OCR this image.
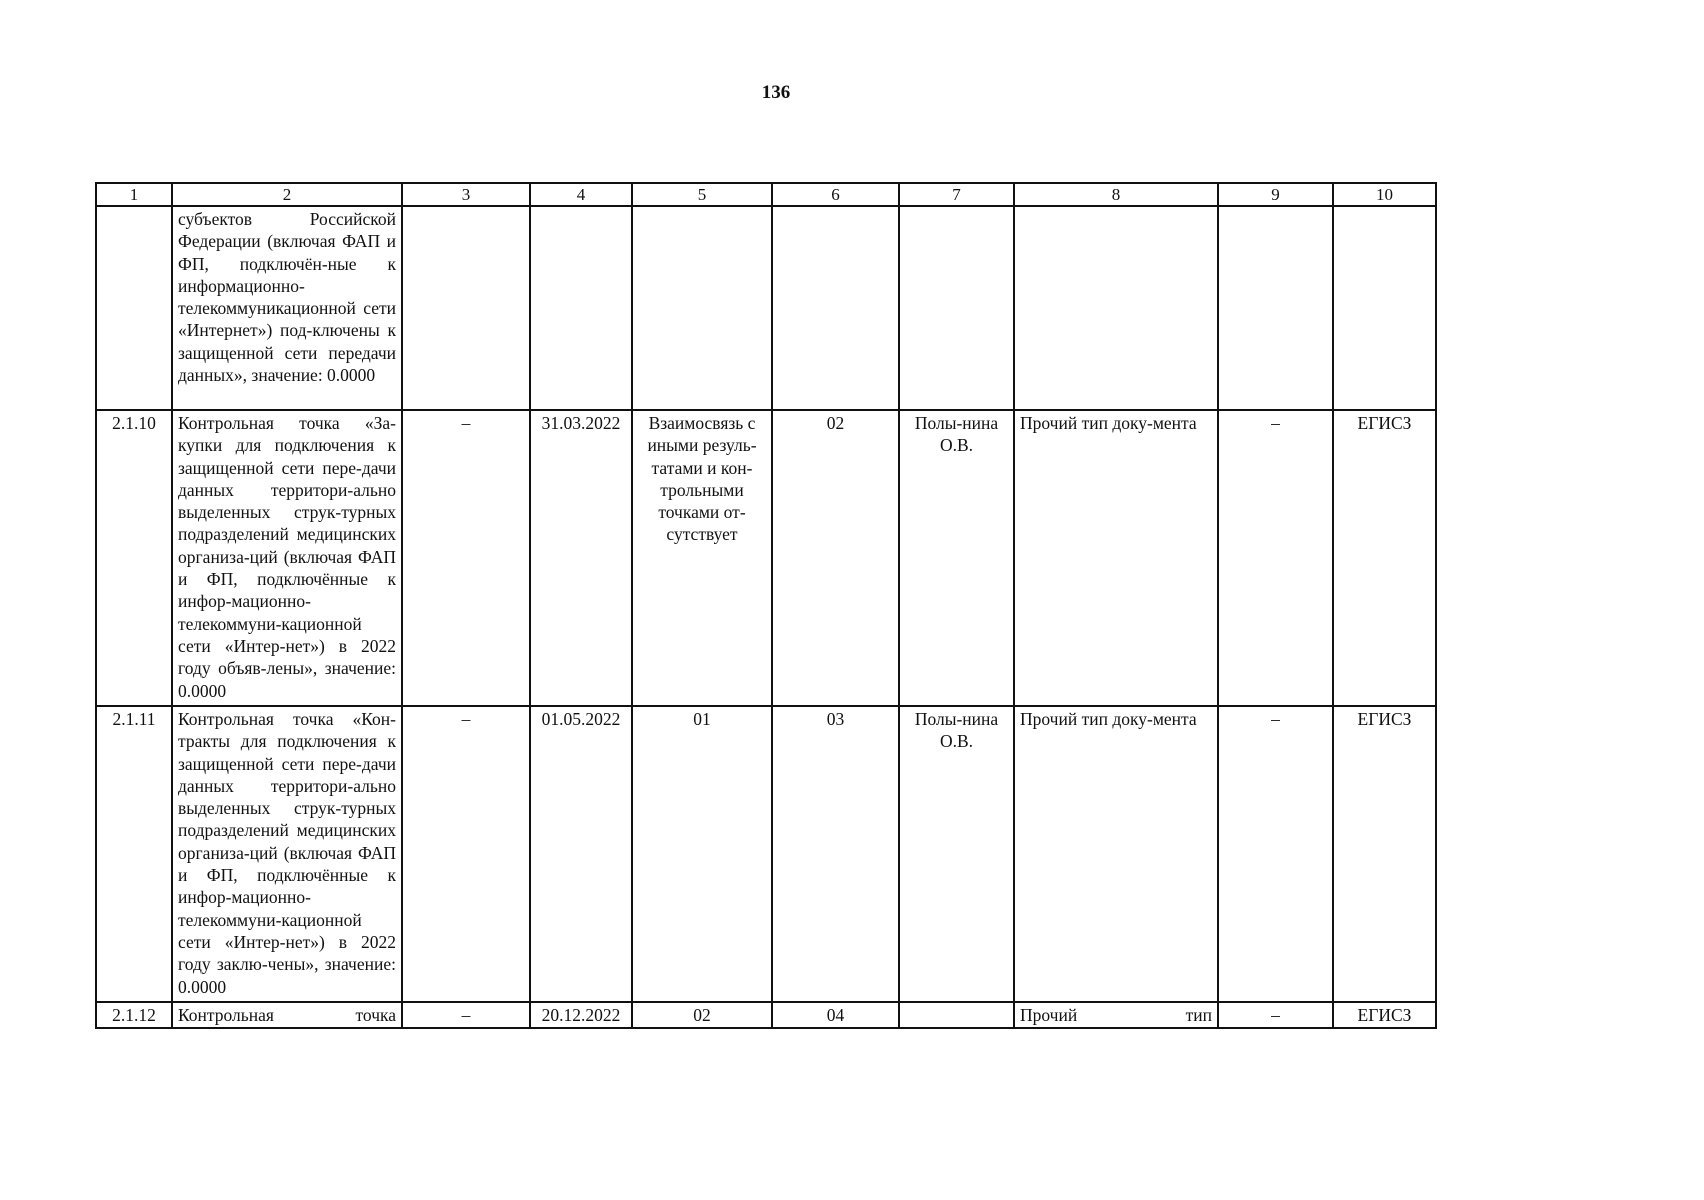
136
1	2	3	4	5	6	7	8	9	10
	субъектов Российской Федерации (включая ФАП и ФП, подключён-ные к информационно-телекоммуникационной сети «Интернет») под-ключены к защищенной сети передачи данных», значение: 0.0000								
2.1.10	Контрольная точка «За-купки для подключения к защищенной сети пере-дачи данных территори-ально выделенных струк-турных подразделений медицинских организа-ций (включая ФАП и ФП, подключённые к инфор-мационно-телекоммуни-кационной сети «Интер-нет») в 2022 году объяв-лены», значение: 0.0000	–	31.03.2022	Взаимосвязь с иными резуль-татами и кон-трольными точками от-сутствует	02	Полы-нина О.В.	Прочий тип доку-мента	–	ЕГИСЗ
2.1.11	Контрольная точка «Кон-тракты для подключения к защищенной сети пере-дачи данных территори-ально выделенных струк-турных подразделений медицинских организа-ций (включая ФАП и ФП, подключённые к инфор-мационно-телекоммуни-кационной сети «Интер-нет») в 2022 году заклю-чены», значение: 0.0000	–	01.05.2022	01	03	Полы-нина О.В.	Прочий тип доку-мента	–	ЕГИСЗ
2.1.12	Контрольная точка	–	20.12.2022	02	04		Прочий тип	–	ЕГИСЗ
